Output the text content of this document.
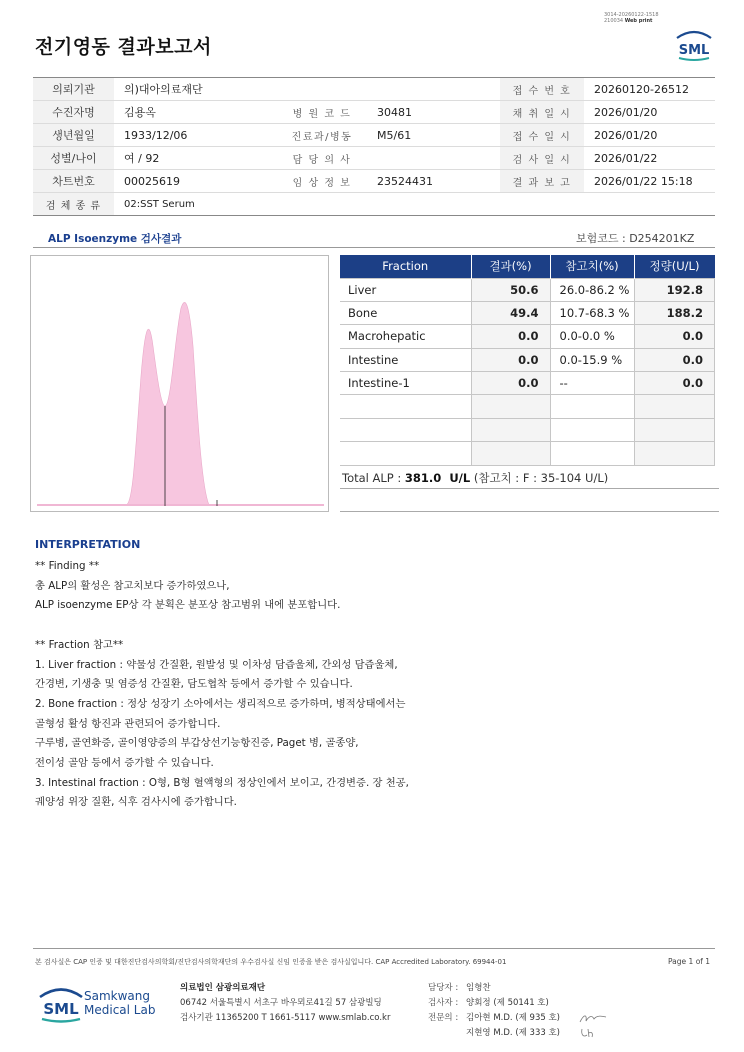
3014-20260122-1518
210034 Web print
전기영동 결과보고서	SML
의뢰기관	의)대아의료재단			접 수 번 호	20260120-26512
수진자명	김용옥	병 원 코 드	30481	채 취 일 시	2026/01/20
생년월일	1933/12/06	진료과/병동	M5/61	접 수 일 시	2026/01/20
성별/나이	여 / 92	담 당 의 사		검 사 일 시	2026/01/22
차트번호	00025619	임 상 정 보	23524431	결 과 보 고	2026/01/22 15:18
검 체 종 류	02:SST Serum				
ALP Isoenzyme 검사결과	보험코드 : D254201KZ
Fraction	결과(%)	참고치(%)	정량(U/L)
Liver	50.6	26.0-86.2 %	192.8
Bone	49.4	10.7-68.3 %	188.2
Macrohepatic	0.0	0.0-0.0 %	0.0
Intestine	0.0	0.0-15.9 %	0.0
Intestine-1	0.0	--	0.0

Total ALP : 381.0  U/L (참고치 : F : 35-104 U/L)
INTERPRETATION
** Finding **
총 ALP의 활성은 참고치보다 증가하였으나,
ALP isoenzyme EP상 각 분획은 분포상 참고범위 내에 분포합니다.
** Fraction 참고**
1. Liver fraction : 약물성 간질환, 원발성 및 이차성 담즙울체, 간외성 담즙울체,
간경변, 기생충 및 염증성 간질환, 담도협착 등에서 증가할 수 있습니다.
2. Bone fraction : 정상 성장기 소아에서는 생리적으로 증가하며, 병적상태에서는
골형성 활성 항진과 관련되어 증가합니다.
구루병, 골연화증, 골이영양증의 부갑상선기능항진증, Paget 병, 골종양,
전이성 골암 등에서 증가할 수 있습니다.
3. Intestinal fraction : O형, B형 혈액형의 정상인에서 보이고, 간경변증. 장 천공,
궤양성 위장 질환, 식후 검사시에 증가합니다.
본 검사실은 CAP 인증 및 대한진단검사의학회/진단검사의학재단의 우수검사실 신임 인증을 받은 검사실입니다. CAP Accredited Laboratory. 69944-01	Page 1 of 1
SML
Samkwang
Medical Lab
의료법인 삼광의료재단
06742 서울특별시 서초구 바우뫼로41길 57 삼광빌딩
검사기관 11365200 T 1661-5117 www.smlab.co.kr
담당자 : 임형찬
검사자 : 양회정 (제 50141 호)
전문의 : 김아현 M.D. (제 935 호)
지현영 M.D. (제 333 호)
